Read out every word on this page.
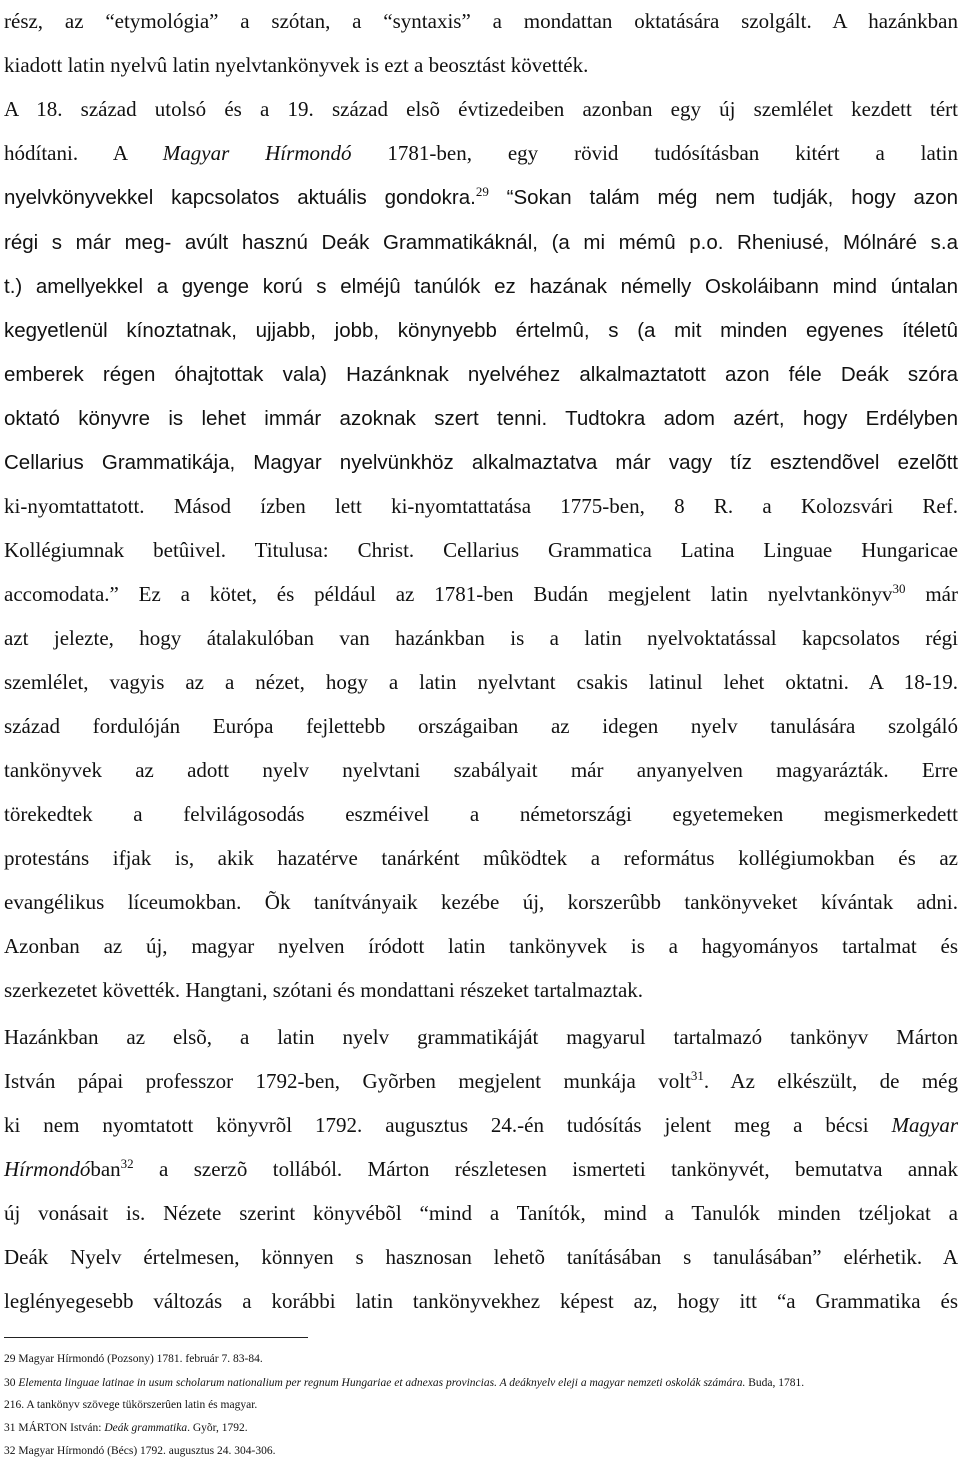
rész, az “etymológia” a szótan, a “syntaxis” a mondattan oktatására szolgált. A hazánkban
kiadott latin nyelvû latin nyelvtankönyvek is ezt a beosztást követték.
A 18. század utolsó és a 19. század elsõ évtizedeiben azonban egy új szemlélet kezdett tért
hódítani. A Magyar Hírmondó 1781-ben, egy rövid tudósításban kitért a latin
nyelvkönyvekkel kapcsolatos aktuális gondokra.$^{29}$ “Sokan talám még nem tudják, hogy azon
régi s már meg- avúlt hasznú Deák Grammatikáknál, (a mi mémû p.o. Rheniusé, Mólnáré s.a
t.) amellyekkel a gyenge korú s elméjû tanúlók ez hazának némelly Oskoláibann mind úntalan
kegyetlenül kínoztatnak, ujjabb, jobb, könynyebb értelmû, s (a mit minden egyenes ítéletû
emberek régen óhajtottak vala) Hazánknak nyelvéhez alkalmaztatott azon féle Deák szóra
oktató könyvre is lehet immár azoknak szert tenni. Tudtokra adom azért, hogy Erdélyben
Cellarius Grammatikája, Magyar nyelvünkhöz alkalmaztatva már vagy tíz esztendõvel ezelõtt
ki-nyomtattatott. Másod ízben lett ki-nyomtattatása 1775-ben, 8 R. a Kolozsvári Ref.
Kollégiumnak betûivel. Titulusa: Christ. Cellarius Grammatica Latina Linguae Hungaricae
accomodata.” Ez a kötet, és például az 1781-ben Budán megjelent latin nyelvtankönyv$^{30}$ már
azt jelezte, hogy átalakulóban van hazánkban is a latin nyelvoktatással kapcsolatos régi
szemlélet, vagyis az a nézet, hogy a latin nyelvtant csakis latinul lehet oktatni. A 18-19.
század fordulóján Európa fejlettebb országaiban az idegen nyelv tanulására szolgáló
tankönyvek az adott nyelv nyelvtani szabályait már anyanyelven magyarázták. Erre
törekedtek a felvilágosodás eszméivel a németországi egyetemeken megismerkedett
protestáns ifjak is, akik hazatérve tanárként mûködtek a református kollégiumokban és az
evangélikus líceumokban. Õk tanítványaik kezébe új, korszerûbb tankönyveket kívántak adni.
Azonban az új, magyar nyelven íródott latin tankönyvek is a hagyományos tartalmat és
szerkezetet követték. Hangtani, szótani és mondattani részeket tartalmaztak.
Hazánkban az elsõ, a latin nyelv grammatikáját magyarul tartalmazó tankönyv Márton
István pápai professzor 1792-ben, Gyõrben megjelent munkája volt$^{31}$. Az elkészült, de még
ki nem nyomtatott könyvrõl 1792. augusztus 24.-én tudósítás jelent meg a bécsi Magyar
Hírmondóban$^{32}$ a szerzõ tollából. Márton részletesen ismerteti tankönyvét, bemutatva annak
új vonásait is. Nézete szerint könyvébõl “mind a Tanítók, mind a Tanulók minden tzéljokat a
Deák Nyelv értelmesen, könnyen s hasznosan lehetõ tanításában s tanulásában” elérhetik. A
leglényegesebb változás a korábbi latin tankönyvekhez képest az, hogy itt “a Grammatika és
29 Magyar Hírmondó (Pozsony) 1781. február 7. 83-84.
30 Elementa linguae latinae in usum scholarum nationalium per regnum Hungariae et adnexas provincias. A deáknyelv eleji a magyar nemzeti oskolák számára. Buda, 1781.
216. A tankönyv szövege tükörszerûen latin és magyar.
31 MÁRTON István: Deák grammatika. Gyõr, 1792.
32 Magyar Hírmondó (Bécs) 1792. augusztus 24. 304-306.
